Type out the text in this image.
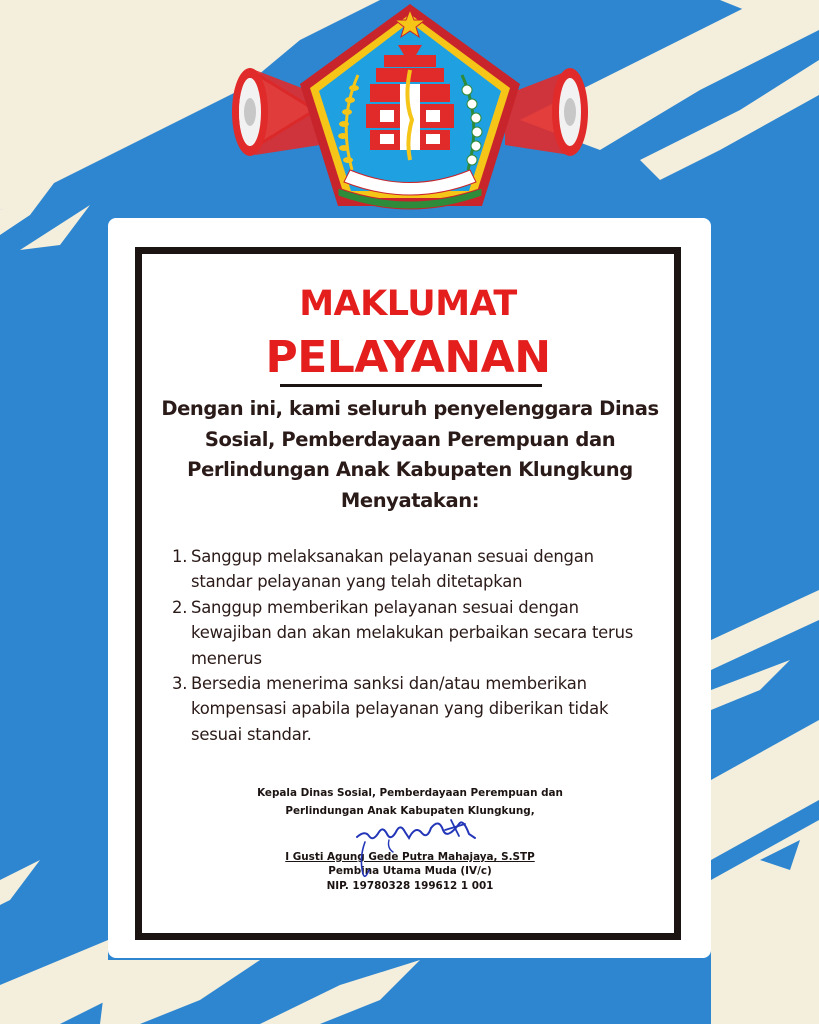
MAKLUMAT
PELAYANAN

Dengan ini, kami seluruh penyelenggara Dinas Sosial, Pemberdayaan Perempuan dan Perlindungan Anak Kabupaten Klungkung Menyatakan:

1. Sanggup melaksanakan pelayanan sesuai dengan standar pelayanan yang telah ditetapkan
2. Sanggup memberikan pelayanan sesuai dengan kewajiban dan akan melakukan perbaikan secara terus menerus
3. Bersedia menerima sanksi dan/atau memberikan kompensasi apabila pelayanan yang diberikan tidak sesuai standar.
Kepala Dinas Sosial, Pemberdayaan Perempuan dan
Perlindungan Anak Kabupaten Klungkung,
I Gusti Agung Gede Putra Mahajaya, S.STP
Pembina Utama Muda (IV/c)
NIP. 19780328 199612 1 001
